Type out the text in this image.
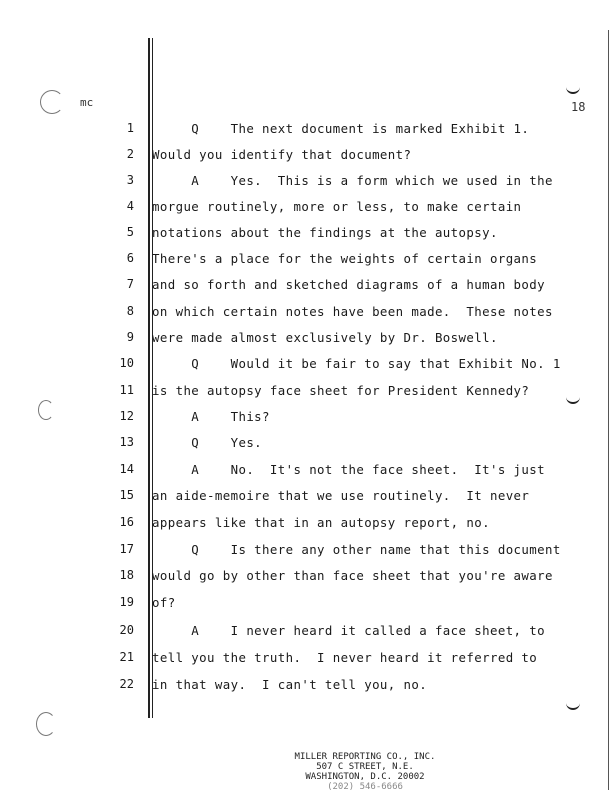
mc	18
1 Q    The next document is marked Exhibit 1.
2 Would you identify that document?
3 A    Yes.  This is a form which we used in the
4 morgue routinely, more or less, to make certain
5 notations about the findings at the autopsy.
6 There's a place for the weights of certain organs
7 and so forth and sketched diagrams of a human body
8 on which certain notes have been made.  These notes
9 were made almost exclusively by Dr. Boswell.
10 Q    Would it be fair to say that Exhibit No. 1
11 is the autopsy face sheet for President Kennedy?
12 A    This?
13 Q    Yes.
14 A    No.  It's not the face sheet.  It's just
15 an aide-memoire that we use routinely.  It never
16 appears like that in an autopsy report, no.
17 Q    Is there any other name that this document
18 would go by other than face sheet that you're aware
19 of?
20 A    I never heard it called a face sheet, to
21 tell you the truth.  I never heard it referred to
22 in that way.  I can't tell you, no.
MILLER REPORTING CO., INC.
507 C STREET, N.E.
WASHINGTON, D.C. 20002
(202) 546-6666
